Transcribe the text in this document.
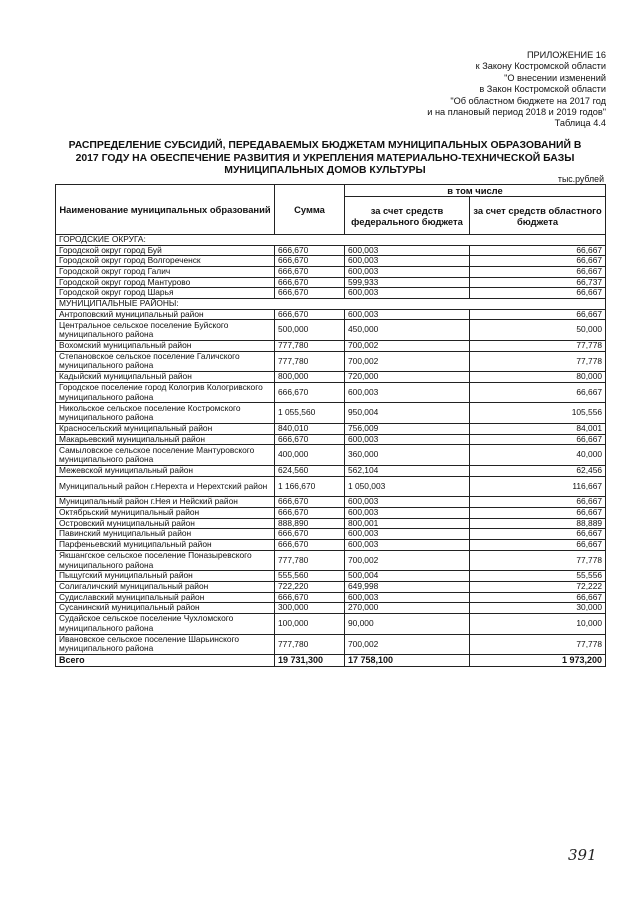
ПРИЛОЖЕНИЕ 16
к Закону Костромской области
"О внесении изменений
в Закон Костромской области
"Об областном бюджете на 2017 год
и на плановый период 2018 и 2019 годов"
Таблица 4.4
РАСПРЕДЕЛЕНИЕ СУБСИДИЙ, ПЕРЕДАВАЕМЫХ БЮДЖЕТАМ МУНИЦИПАЛЬНЫХ ОБРАЗОВАНИЙ В
2017 ГОДУ НА ОБЕСПЕЧЕНИЕ РАЗВИТИЯ И УКРЕПЛЕНИЯ МАТЕРИАЛЬНО-ТЕХНИЧЕСКОЙ БАЗЫ
МУНИЦИПАЛЬНЫХ ДОМОВ КУЛЬТУРЫ
тыс.рублей
Наименование муниципальных образований	Сумма	в том числе	
		за счет средств федерального бюджета	за счет средств областного бюджета
ГОРОДСКИЕ ОКРУГА:			
Городской округ город Буй	666,670	600,003	66,667
Городской округ город Волгореченск	666,670	600,003	66,667
Городской округ город Галич	666,670	600,003	66,667
Городской округ город Мантурово	666,670	599,933	66,737
Городской округ город Шарья	666,670	600,003	66,667
МУНИЦИПАЛЬНЫЕ РАЙОНЫ:			
Антроповский муниципальный район	666,670	600,003	66,667
Центральное сельское поселение Буйского муниципального района	500,000	450,000	50,000
Вохомский муниципальный район	777,780	700,002	77,778
Степановское сельское поселение Галичского муниципального района	777,780	700,002	77,778
Кадыйский муниципальный район	800,000	720,000	80,000
Городское поселение город Кологрив Кологривского муниципального района	666,670	600,003	66,667
Никольское сельское поселение Костромского муниципального района	1 055,560	950,004	105,556
Красносельский муниципальный район	840,010	756,009	84,001
Макарьевский муниципальный район	666,670	600,003	66,667
Самыловское сельское поселение Мантуровского муниципального района	400,000	360,000	40,000
Межевской муниципальный район	624,560	562,104	62,456
Муниципальный район г.Нерехта и Нерехтский район	1 166,670	1 050,003	116,667
Муниципальный район г.Нея и Нейский район	666,670	600,003	66,667
Октябрьский муниципальный район	666,670	600,003	66,667
Островский муниципальный район	888,890	800,001	88,889
Павинский муниципальный район	666,670	600,003	66,667
Парфеньевский муниципальный район	666,670	600,003	66,667
Якшангское сельское поселение Поназыревского муниципального района	777,780	700,002	77,778
Пыщугский муниципальный район	555,560	500,004	55,556
Солигаличский муниципальный район	722,220	649,998	72,222
Судиславский муниципальный район	666,670	600,003	66,667
Сусанинский муниципальный район	300,000	270,000	30,000
Судайское сельское поселение Чухломского муниципального района	100,000	90,000	10,000
Ивановское сельское поселение Шарьинского муниципального района	777,780	700,002	77,778
Всего	19 731,300	17 758,100	1 973,200
391
